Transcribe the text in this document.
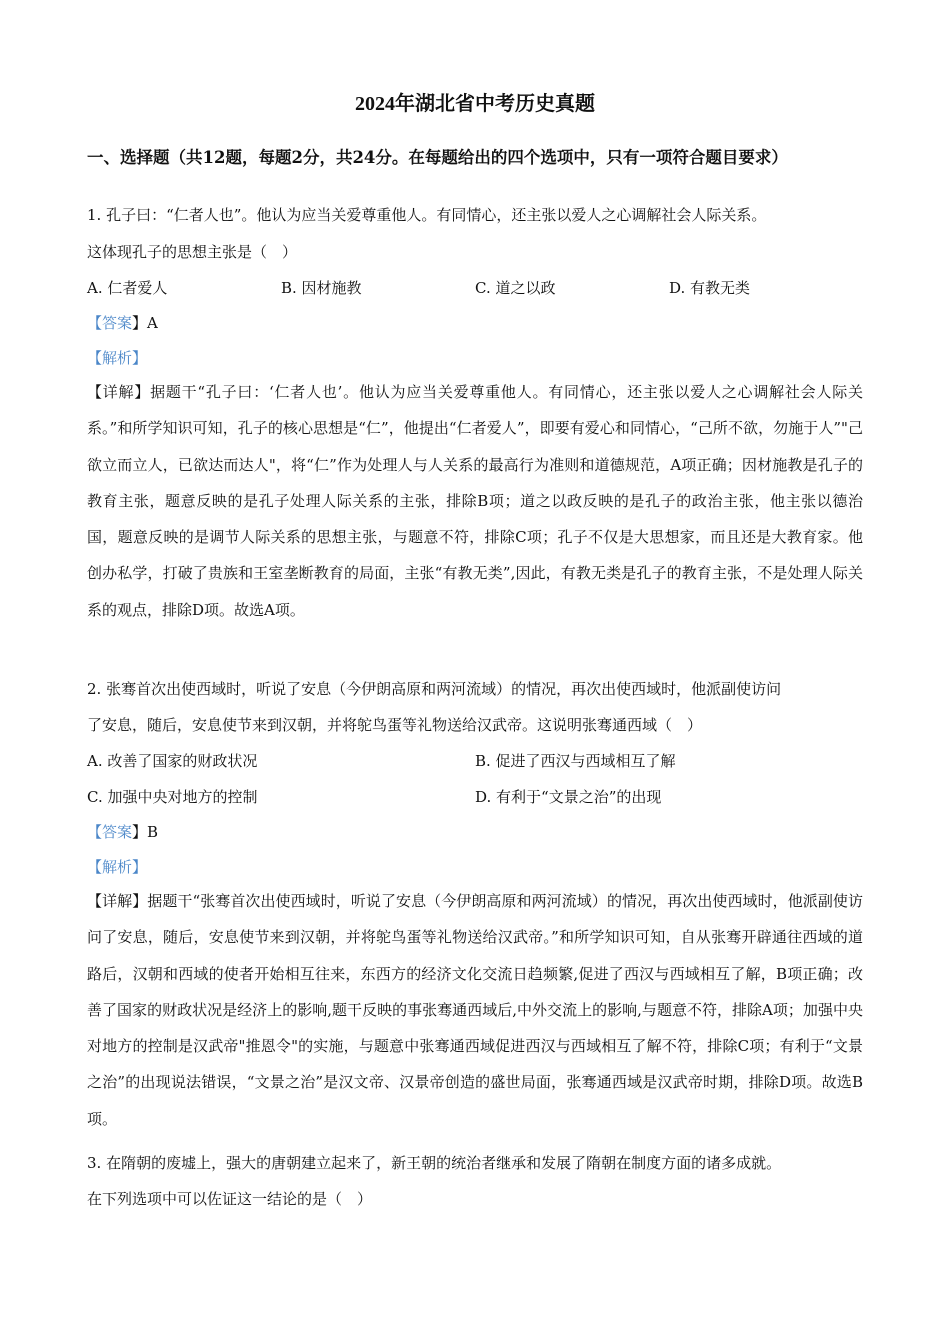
2024年湖北省中考历史真题
一、选择题（共12题，每题2分，共24分。在每题给出的四个选项中，只有一项符合题目要求）
1. 孔子曰：“仁者人也”。他认为应当关爱尊重他人。有同情心，还主张以爱人之心调解社会人际关系。
这体现孔子的思想主张是（　）
A. 仁者爱人	B. 因材施教	C. 道之以政	D. 有教无类
【答案】A
【解析】
【详解】据题干“孔子曰：‘仁者人也’。他认为应当关爱尊重他人。有同情心，还主张以爱人之心调解社会人际关系。”和所学知识可知，孔子的核心思想是“仁”，他提出“仁者爱人”，即要有爱心和同情心，“己所不欲，勿施于人”"己欲立而立人，已欲达而达人"，将“仁”作为处理人与人关系的最高行为准则和道德规范，A项正确；因材施教是孔子的教育主张，题意反映的是孔子处理人际关系的主张，排除B项；道之以政反映的是孔子的政治主张，他主张以德治国，题意反映的是调节人际关系的思想主张，与题意不符，排除C项；孔子不仅是大思想家，而且还是大教育家。他创办私学，打破了贵族和王室垄断教育的局面，主张“有教无类”,因此，有教无类是孔子的教育主张，不是处理人际关系的观点，排除D项。故选A项。
2. 张骞首次出使西域时，听说了安息（今伊朗高原和两河流域）的情况，再次出使西域时，他派副使访问
了安息，随后，安息使节来到汉朝，并将鸵鸟蛋等礼物送给汉武帝。这说明张骞通西域（　）
A. 改善了国家的财政状况	B. 促进了西汉与西域相互了解
C. 加强中央对地方的控制	D. 有利于“文景之治”的出现
【答案】B
【解析】
【详解】据题干“张骞首次出使西域时，听说了安息（今伊朗高原和两河流域）的情况，再次出使西域时，他派副使访问了安息，随后，安息使节来到汉朝，并将鸵鸟蛋等礼物送给汉武帝。”和所学知识可知，自从张骞开辟通往西域的道路后，汉朝和西域的使者开始相互往来，东西方的经济文化交流日趋频繁,促进了西汉与西域相互了解，B项正确；改善了国家的财政状况是经济上的影响,题干反映的事张骞通西域后,中外交流上的影响,与题意不符，排除A项；加强中央对地方的控制是汉武帝"推恩令"的实施，与题意中张骞通西域促进西汉与西域相互了解不符，排除C项；有利于“文景之治”的出现说法错误，“文景之治”是汉文帝、汉景帝创造的盛世局面，张骞通西域是汉武帝时期，排除D项。故选B项。
3. 在隋朝的废墟上，强大的唐朝建立起来了，新王朝的统治者继承和发展了隋朝在制度方面的诸多成就。
在下列选项中可以佐证这一结论的是（　）
